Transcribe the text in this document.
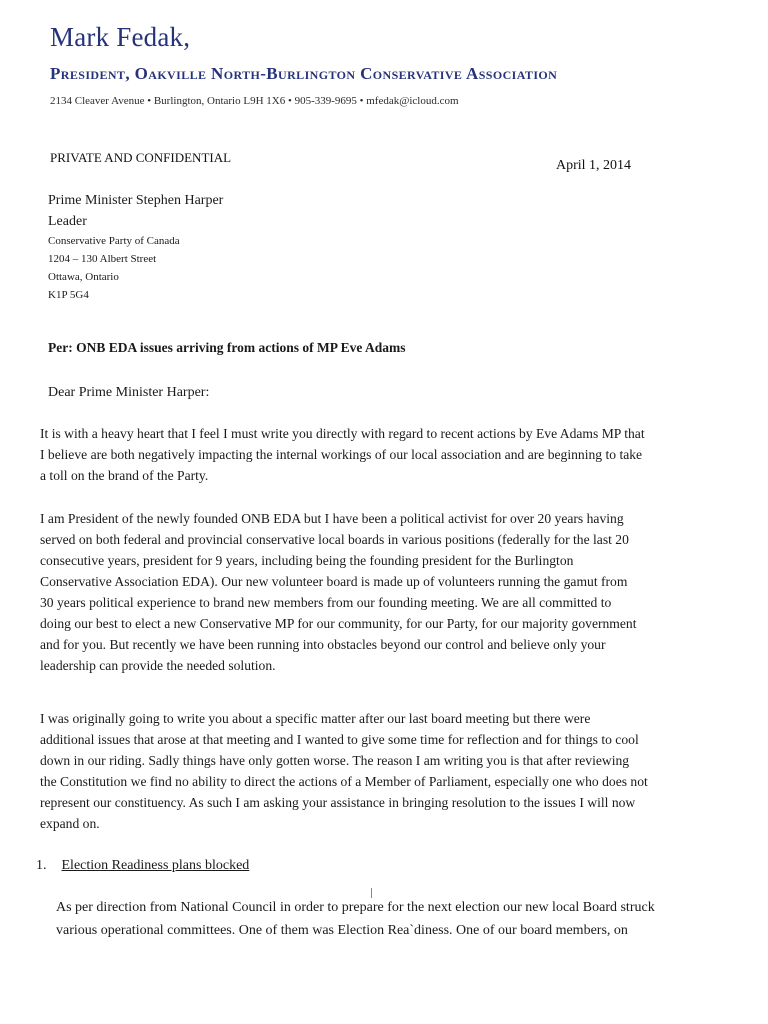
Mark Fedak,
President, Oakville North-Burlington Conservative Association
2134 Cleaver Avenue • Burlington, Ontario L9H 1X6 • 905-339-9695 • mfedak@icloud.com
PRIVATE AND CONFIDENTIAL
April 1, 2014
Prime Minister Stephen Harper
Leader
Conservative Party of Canada
1204 – 130 Albert Street
Ottawa, Ontario
K1P 5G4
Per: ONB EDA issues arriving from actions of MP Eve Adams
Dear Prime Minister Harper:
It is with a heavy heart that I feel I must write you directly with regard to recent actions by Eve Adams MP that
I believe are both negatively impacting the internal workings of our local association and are beginning to take
a toll on the brand of the Party.
I am President of the newly founded ONB EDA but I have been a political activist for over 20 years having
served on both federal and provincial conservative local boards in various positions (federally for the last 20
consecutive years, president for 9 years, including being the founding president for the Burlington
Conservative Association EDA). Our new volunteer board is made up of volunteers running the gamut from
30 years political experience to brand new members from our founding meeting. We are all committed to
doing our best to elect a new Conservative MP for our community, for our Party, for our majority government
and for you. But recently we have been running into obstacles beyond our control and believe only your
leadership can provide the needed solution.
I was originally going to write you about a specific matter after our last board meeting but there were
additional issues that arose at that meeting and I wanted to give some time for reflection and for things to cool
down in our riding. Sadly things have only gotten worse. The reason I am writing you is that after reviewing
the Constitution we find no ability to direct the actions of a Member of Parliament, especially one who does not
represent our constituency. As such I am asking your assistance in bringing resolution to the issues I will now
expand on.
1. Election Readiness plans blocked
As per direction from National Council in order to prepare for the next election our new local Board struck
various operational committees. One of them was Election Rea`diness. One of our board members, on
